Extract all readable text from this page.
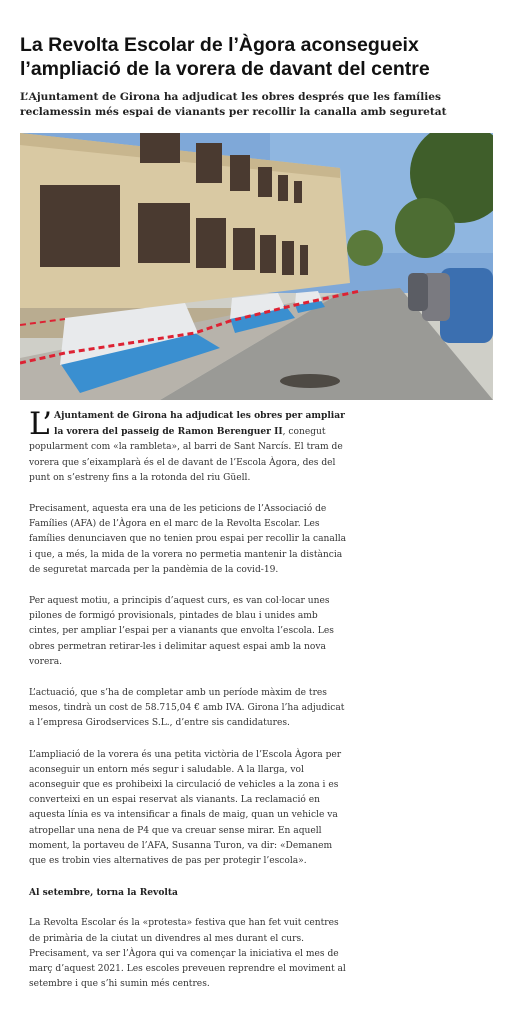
La Revolta Escolar de l’Àgora aconsegueix l’ampliació de la vorera de davant del centre

L’Ajuntament de Girona ha adjudicat les obres després que les famílies reclamessin més espai de vianants per recollir la canalla amb seguretat

L’ Ajuntament de Girona ha adjudicat les obres per ampliar la vorera del passeig de Ramon Berenguer II, conegut popularment com «la rambleta», al barri de Sant Narcís. El tram de vorera que s’eixamplarà és el de davant de l’Escola Àgora, des del punt on s’estreny fins a la rotonda del riu Güell.

Precisament, aquesta era una de les peticions de l’Associació de Famílies (AFA) de l’Àgora en el marc de la Revolta Escolar. Les famílies denunciaven que no tenien prou espai per recollir la canalla i que, a més, la mida de la vorera no permetia mantenir la distància de seguretat marcada per la pandèmia de la covid-19.

Per aquest motiu, a principis d’aquest curs, es van col·locar unes pilones de formigó provisionals, pintades de blau i unides amb cintes, per ampliar l’espai per a vianants que envolta l’escola. Les obres permetran retirar-les i delimitar aquest espai amb la nova vorera.

L’actuació, que s’ha de completar amb un període màxim de tres mesos, tindrà un cost de 58.715,04 € amb IVA. Girona l’ha adjudicat a l’empresa Girodservices S.L., d’entre sis candidatures.

L’ampliació de la vorera és una petita victòria de l’Escola Àgora per aconseguir un entorn més segur i saludable. A la llarga, vol aconseguir que es prohibeixi la circulació de vehicles a la zona i es converteixi en un espai reservat als vianants. La reclamació en aquesta línia es va intensificar a finals de maig, quan un vehicle va atropellar una nena de P4 que va creuar sense mirar. En aquell moment, la portaveu de l’AFA, Susanna Turon, va dir: «Demanem que es trobin vies alternatives de pas per protegir l’escola».

Al setembre, torna la Revolta

La Revolta Escolar és la «protesta» festiva que han fet vuit centres de primària de la ciutat un divendres al mes durant el curs. Precisament, va ser l’Àgora qui va començar la iniciativa el mes de març d’aquest 2021. Les escoles preveuen reprendre el moviment al setembre i que s’hi sumin més centres.
